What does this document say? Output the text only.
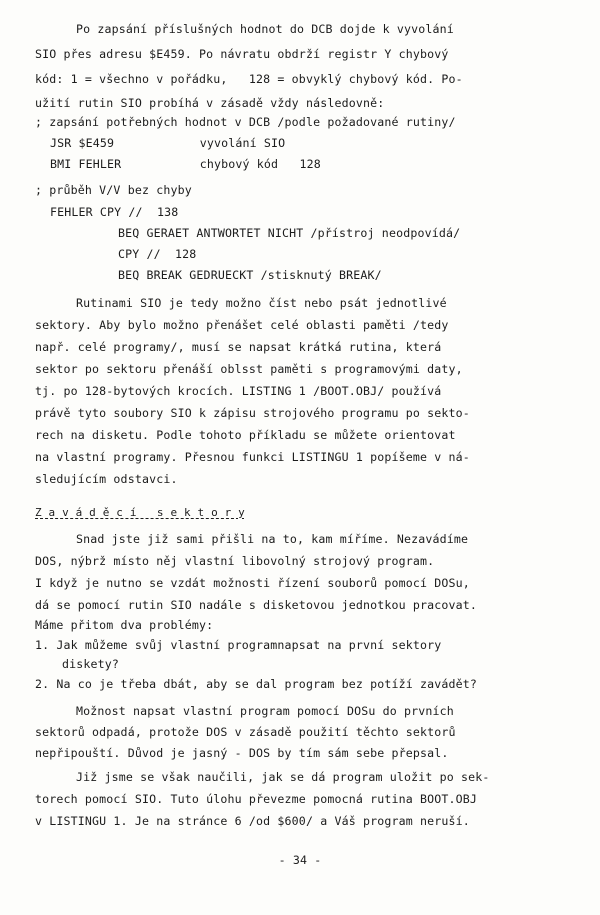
Po zapsání příslušných hodnot do DCB dojde k vyvolání
SIO přes adresu $E459. Po návratu obdrží registr Y chybový
kód: 1 = všechno v pořádku,   128 = obvyklý chybový kód. Po-
užití rutin SIO probíhá v zásadě vždy následovně:
; zapsání potřebných hodnot v DCB /podle požadované rutiny/
JSR $E459            vyvolání SIO
BMI FEHLER           chybový kód   128
; průběh V/V bez chyby
FEHLER CPY //  138
BEQ GERAET ANTWORTET NICHT /přístroj neodpovídá/
CPY //  128
BEQ BREAK GEDRUECKT /stisknutý BREAK/
Rutinami SIO je tedy možno číst nebo psát jednotlivé
sektory. Aby bylo možno přenášet celé oblasti paměti /tedy
např. celé programy/, musí se napsat krátká rutina, která
sektor po sektoru přenáší oblsst paměti s programovými daty,
tj. po 128-bytových krocích. LISTING 1 /BOOT.OBJ/ používá
právě tyto soubory SIO k zápisu strojového programu po sekto-
rech na disketu. Podle tohoto příkladu se můžete orientovat
na vlastní programy. Přesnou funkci LISTINGU 1 popíšeme v ná-
sledujícím odstavci.
Z a v á d ě c í   s e k t o r y
Snad jste již sami přišli na to, kam míříme. Nezavádíme
DOS, nýbrž místo něj vlastní libovolný strojový program.
I když je nutno se vzdát možnosti řízení souborů pomocí DOSu,
dá se pomocí rutin SIO nadále s disketovou jednotkou pracovat.
Máme přitom dva problémy:
1. Jak můžeme svůj vlastní programnapsat na první sektory
diskety?
2. Na co je třeba dbát, aby se dal program bez potíží zavádět?
Možnost napsat vlastní program pomocí DOSu do prvních
sektorů odpadá, protože DOS v zásadě použití těchto sektorů
nepřipouští. Důvod je jasný - DOS by tím sám sebe přepsal.
Již jsme se však naučili, jak se dá program uložit po sek-
torech pomocí SIO. Tuto úlohu převezme pomocná rutina BOOT.OBJ
v LISTINGU 1. Je na stránce 6 /od $600/ a Váš program neruší.
- 34 -
